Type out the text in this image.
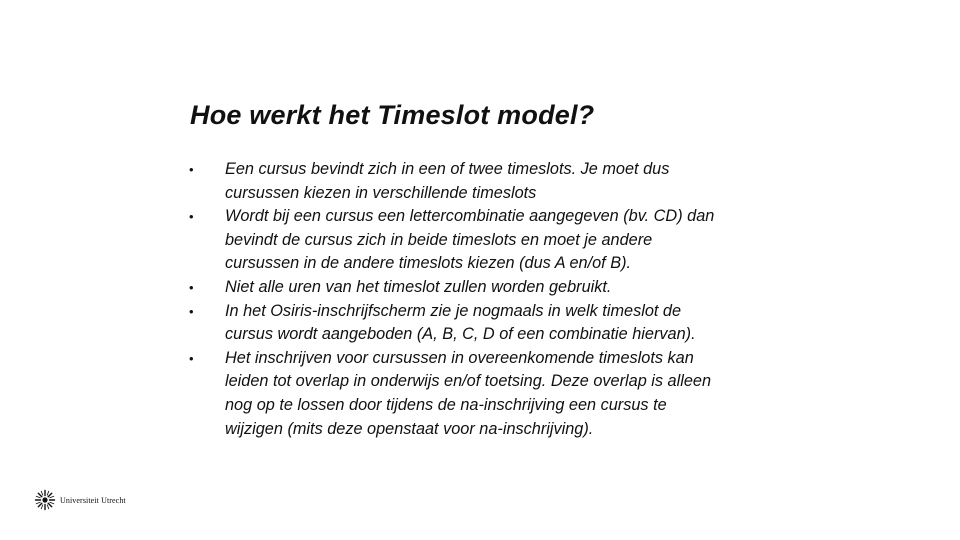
Hoe werkt het Timeslot model?
• Een cursus bevindt zich in een of twee timeslots. Je moet dus
cursussen kiezen in verschillende timeslots
• Wordt bij een cursus een lettercombinatie aangegeven (bv. CD) dan
bevindt de cursus zich in beide timeslots en moet je andere
cursussen in de andere timeslots kiezen (dus A en/of B).
• Niet alle uren van het timeslot zullen worden gebruikt.
• In het Osiris-inschrijfscherm zie je nogmaals in welk timeslot de
cursus wordt aangeboden (A, B, C, D of een combinatie hiervan).
• Het inschrijven voor cursussen in overeenkomende timeslots kan
leiden tot overlap in onderwijs en/of toetsing. Deze overlap is alleen
nog op te lossen door tijdens de na-inschrijving een cursus te
wijzigen (mits deze openstaat voor na-inschrijving).
Universiteit Utrecht
